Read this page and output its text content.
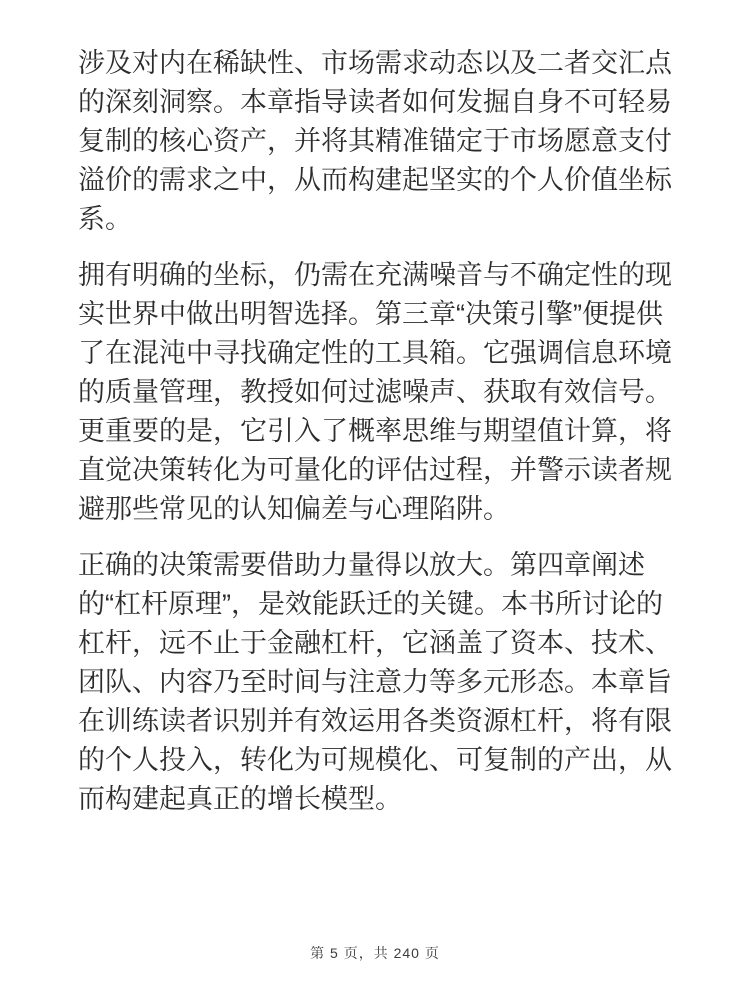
涉及对内在稀缺性、市场需求动态以及二者交汇点的深刻洞察。本章指导读者如何发掘自身不可轻易复制的核心资产，并将其精准锚定于市场愿意支付溢价的需求之中，从而构建起坚实的个人价值坐标系。

拥有明确的坐标，仍需在充满噪音与不确定性的现实世界中做出明智选择。第三章“决策引擎”便提供了在混沌中寻找确定性的工具箱。它强调信息环境的质量管理，教授如何过滤噪声、获取有效信号。更重要的是，它引入了概率思维与期望值计算，将直觉决策转化为可量化的评估过程，并警示读者规避那些常见的认知偏差与心理陷阱。

正确的决策需要借助力量得以放大。第四章阐述的“杠杆原理”，是效能跃迁的关键。本书所讨论的杠杆，远不止于金融杠杆，它涵盖了资本、技术、团队、内容乃至时间与注意力等多元形态。本章旨在训练读者识别并有效运用各类资源杠杆，将有限的个人投入，转化为可规模化、可复制的产出，从而构建起真正的增长模型。

第 5 页，共 240 页
